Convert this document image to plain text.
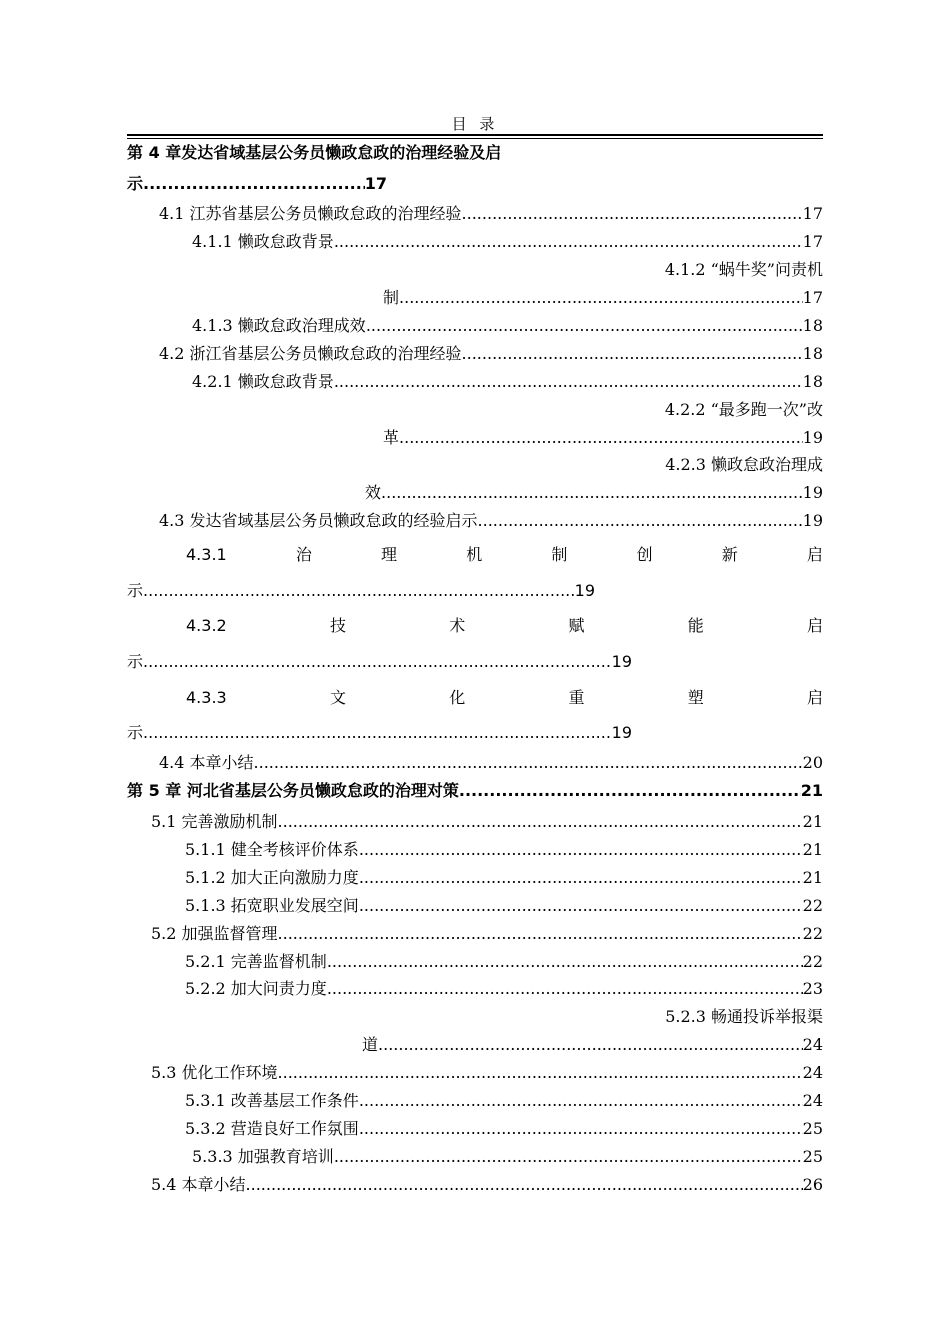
目 录
第 4 章发达省域基层公务员懒政怠政的治理经验及启
示 .....	17
4.1 江苏省基层公务员懒政怠政的治理经验 .....	17
4.1.1 懒政怠政背景 .....	17
4.1.2 “蜗牛奖”问责机
制 .....	17
4.1.3 懒政怠政治理成效 .....	18
4.2 浙江省基层公务员懒政怠政的治理经验 .....	18
4.2.1 懒政怠政背景 .....	18
4.2.2 “最多跑一次”改
革 .....	19
4.2.3 懒政怠政治理成
效 .....	19
4.3 发达省域基层公务员懒政怠政的经验启示 .....	19
4.3.1	治	理	机	制	创	新	启
示 .....	19
4.3.2	技	术	赋	能	启
示 .....	19
4.3.3	文	化	重	塑	启
示 .....	19
4.4 本章小结 .....	20
第 5 章 河北省基层公务员懒政怠政的治理对策 .....	21
5.1 完善激励机制 .....	21
5.1.1 健全考核评价体系 .....	21
5.1.2 加大正向激励力度 .....	21
5.1.3 拓宽职业发展空间 .....	22
5.2 加强监督管理 .....	22
5.2.1 完善监督机制 .....	22
5.2.2 加大问责力度 .....	23
5.2.3 畅通投诉举报渠
道 .....	24
5.3 优化工作环境 .....	24
5.3.1 改善基层工作条件 .....	24
5.3.2 营造良好工作氛围 .....	25
5.3.3 加强教育培训 .....	25
5.4 本章小结 .....	26
